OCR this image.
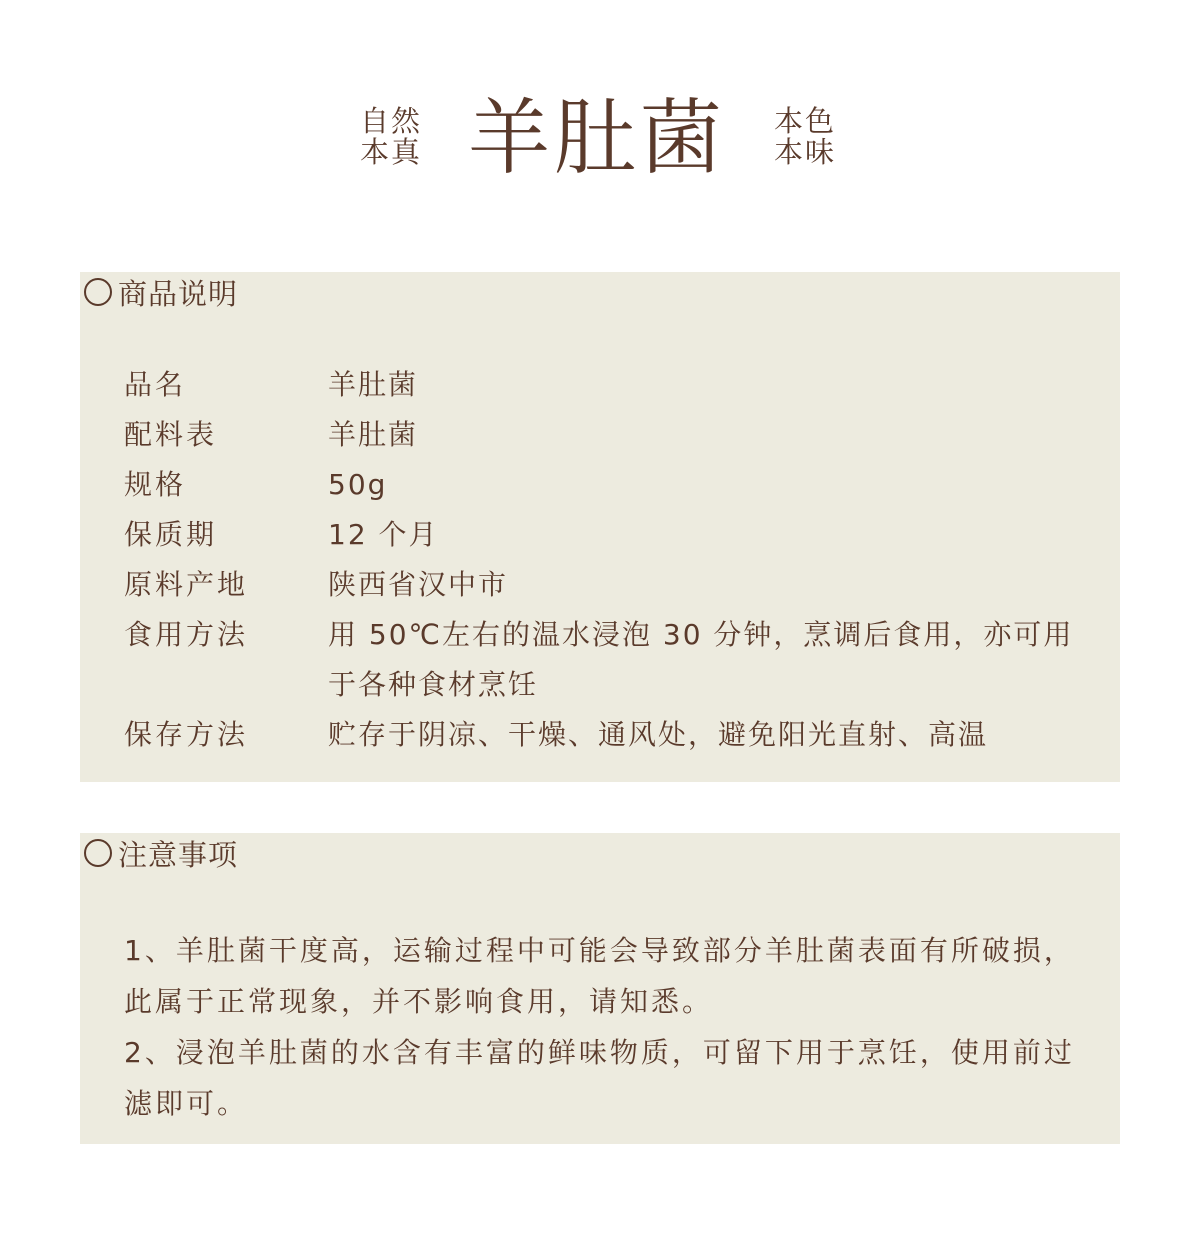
自然
本真 羊肚菌 本色
本味
商品说明
品名	羊肚菌
配料表	羊肚菌
规格	50g
保质期	12 个月
原料产地	陕西省汉中市
食用方法	用 50℃左右的温水浸泡 30 分钟，烹调后食用，亦可用于各种食材烹饪
保存方法	贮存于阴凉、干燥、通风处，避免阳光直射、高温
注意事项

1、羊肚菌干度高，运输过程中可能会导致部分羊肚菌表面有所破损，此属于正常现象，并不影响食用，请知悉。

2、浸泡羊肚菌的水含有丰富的鲜味物质，可留下用于烹饪，使用前过滤即可。
